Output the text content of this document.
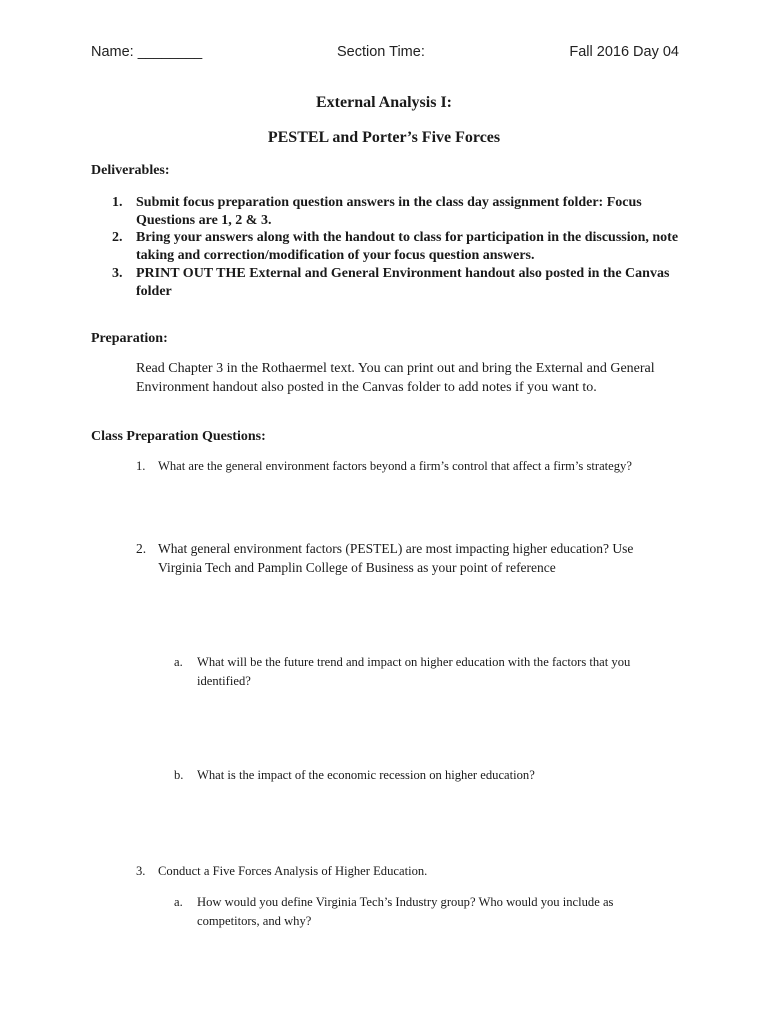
Name: ________	Section Time:	Fall 2016 Day 04
External Analysis I:
PESTEL and Porter’s Five Forces
Deliverables:
1. Submit focus preparation question answers in the class day assignment folder: Focus Questions are 1, 2 & 3.
2. Bring your answers along with the handout to class for participation in the discussion, note taking and correction/modification of your focus question answers.
3. PRINT OUT THE External and General Environment handout also posted in the Canvas folder
Preparation:
Read Chapter 3 in the Rothaermel text. You can print out and bring the External and General Environment handout also posted in the Canvas folder to add notes if you want to.
Class Preparation Questions:
1. What are the general environment factors beyond a firm’s control that affect a firm’s strategy?
2. What general environment factors (PESTEL) are most impacting higher education? Use Virginia Tech and Pamplin College of Business as your point of reference
a. What will be the future trend and impact on higher education with the factors that you identified?
b. What is the impact of the economic recession on higher education?
3. Conduct a Five Forces Analysis of Higher Education.
a. How would you define Virginia Tech’s Industry group? Who would you include as competitors, and why?
